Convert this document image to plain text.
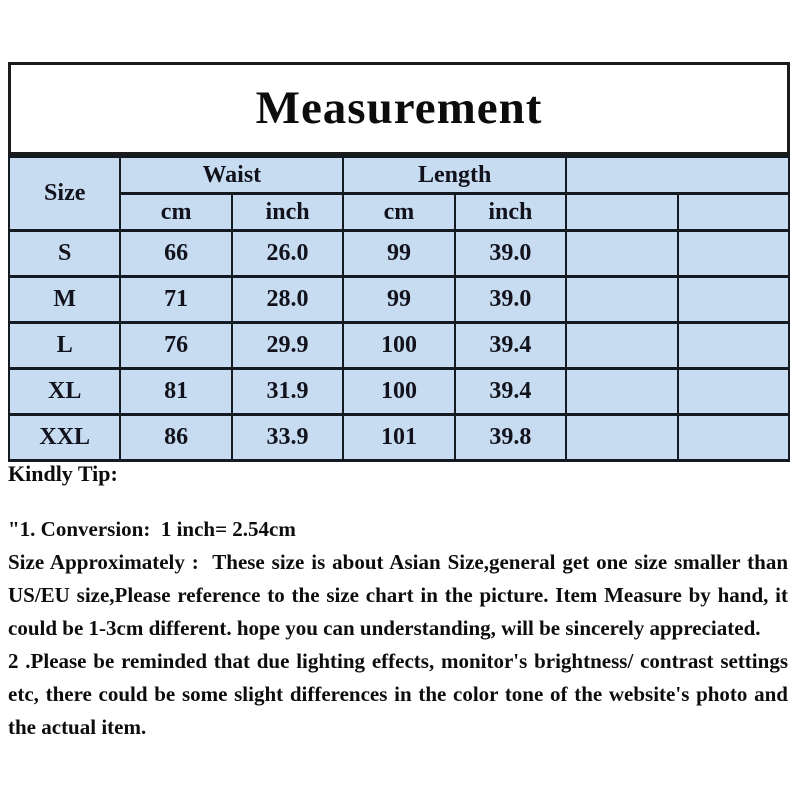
Measurement
Size	Waist		Length			
	cm	inch	cm	inch		
S	66	26.0	99	39.0		
M	71	28.0	99	39.0		
L	76	29.9	100	39.4		
XL	81	31.9	100	39.4		
XXL	86	33.9	101	39.8		
Kindly Tip:
"1. Conversion:  1 inch= 2.54cm
Size Approximately :  These size is about Asian Size,general get one size smaller than US/EU size,Please reference to the size chart in the picture. Item Measure by hand, it could be 1-3cm different. hope you can understanding, will be sincerely appreciated.
2 .Please be reminded that due lighting effects, monitor's brightness/ contrast settings etc, there could be some slight differences in the color tone of the website's photo and the actual item.
